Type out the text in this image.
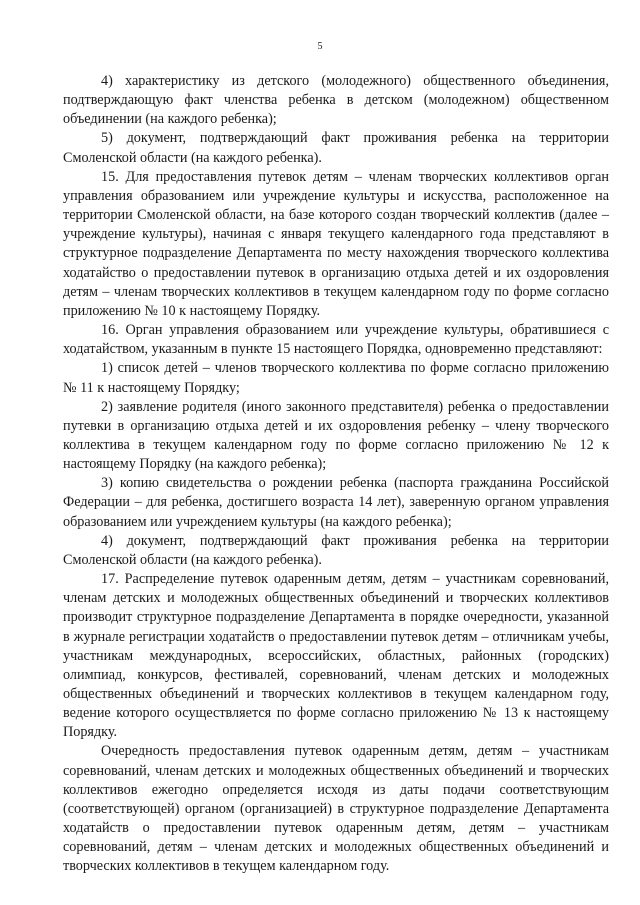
5

4) характеристику из детского (молодежного) общественного объединения, подтверждающую факт членства ребенка в детском (молодежном) общественном объединении (на каждого ребенка);

5) документ, подтверждающий факт проживания ребенка на территории Смоленской области (на каждого ребенка).

15. Для предоставления путевок детям – членам творческих коллективов орган управления образованием или учреждение культуры и искусства, расположенное на территории Смоленской области, на базе которого создан творческий коллектив (далее – учреждение культуры), начиная с января текущего календарного года представляют в структурное подразделение Департамента по месту нахождения творческого коллектива ходатайство о предоставлении путевок в организацию отдыха детей и их оздоровления детям – членам творческих коллективов в текущем календарном году по форме согласно приложению № 10 к настоящему Порядку.

16. Орган управления образованием или учреждение культуры, обратившиеся с ходатайством, указанным в пункте 15 настоящего Порядка, одновременно представляют:

1) список детей – членов творческого коллектива по форме согласно приложению № 11 к настоящему Порядку;

2) заявление родителя (иного законного представителя) ребенка о предоставлении путевки в организацию отдыха детей и их оздоровления ребенку – члену творческого коллектива в текущем календарном году по форме согласно приложению № 12 к настоящему Порядку (на каждого ребенка);

3) копию свидетельства о рождении ребенка (паспорта гражданина Российской Федерации – для ребенка, достигшего возраста 14 лет), заверенную органом управления образованием или учреждением культуры (на каждого ребенка);

4) документ, подтверждающий факт проживания ребенка на территории Смоленской области (на каждого ребенка).

17. Распределение путевок одаренным детям, детям – участникам соревнований, членам детских и молодежных общественных объединений и творческих коллективов производит структурное подразделение Департамента в порядке очередности, указанной в журнале регистрации ходатайств о предоставлении путевок детям – отличникам учебы, участникам международных, всероссийских, областных, районных (городских) олимпиад, конкурсов, фестивалей, соревнований, членам детских и молодежных общественных объединений и творческих коллективов в текущем календарном году, ведение которого осуществляется по форме согласно приложению № 13 к настоящему Порядку.

Очередность предоставления путевок одаренным детям, детям – участникам соревнований, членам детских и молодежных общественных объединений и творческих коллективов ежегодно определяется исходя из даты подачи соответствующим (соответствующей) органом (организацией) в структурное подразделение Департамента ходатайств о предоставлении путевок одаренным детям, детям – участникам соревнований, детям – членам детских и молодежных общественных объединений и творческих коллективов в текущем календарном году.
